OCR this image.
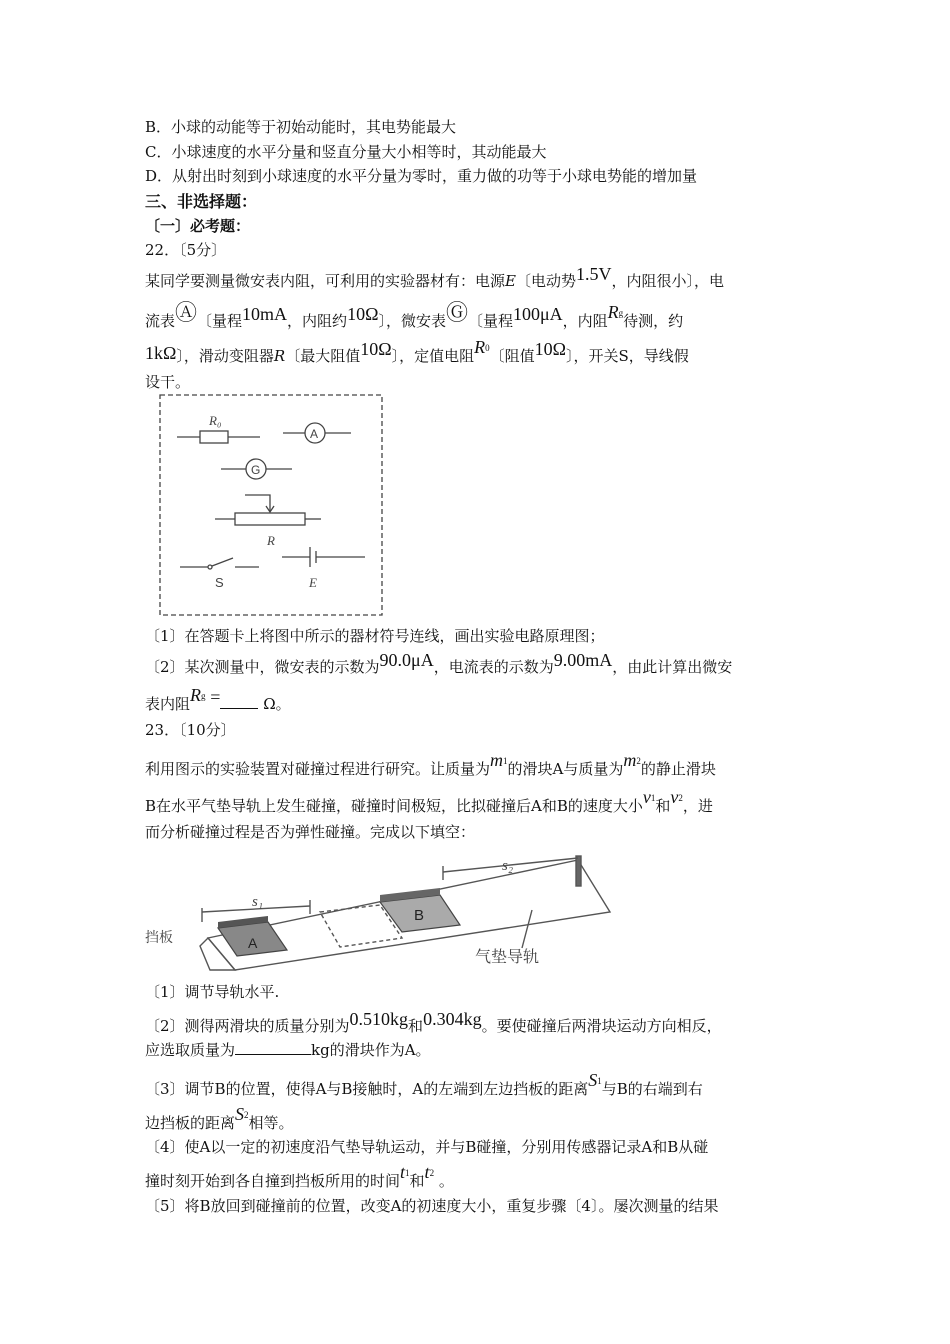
B．小球的动能等于初始动能时，其电势能最大
C．小球速度的水平分量和竖直分量大小相等时，其动能最大
D．从射出时刻到小球速度的水平分量为零时，重力做的功等于小球电势能的增加量
三、非选择题：
〔一〕必考题：
22．〔5分〕
某同学要测量微安表内阻，可利用的实验器材有：电源E〔电动势1.5V，内阻很小〕，电
流表Ⓐ〔量程10mA，内阻约10Ω〕，微安表Ⓖ〔量程100μA，内阻Rg待测，约
1kΩ〕，滑动变阻器R〔最大阻值10Ω〕，定值电阻R0〔阻值10Ω〕，开关S，导线假
设干。
R₀
A
G
R
S	E
〔1〕在答题卡上将图中所示的器材符号连线，画出实验电路原理图；
〔2〕某次测量中，微安表的示数为90.0μA，电流表的示数为9.00mA，由此计算出微安
表内阻Rg =	Ω。
23．〔10分〕
利用图示的实验装置对碰撞过程进行研究。让质量为m1的滑块A与质量为m2的静止滑块
B在水平气垫导轨上发生碰撞，碰撞时间极短，比拟碰撞后A和B的速度大小v1和v2，进
而分析碰撞过程是否为弹性碰撞。完成以下填空：
A
B
s₁
s₂
挡板
气垫导轨
〔1〕调节导轨水平.
〔2〕测得两滑块的质量分别为0.510kg和0.304kg。要使碰撞后两滑块运动方向相反，
应选取质量为	kg的滑块作为A。
〔3〕调节B的位置，使得A与B接触时，A的左端到左边挡板的距离S1与B的右端到右
边挡板的距离S2相等。
〔4〕使A以一定的初速度沿气垫导轨运动，并与B碰撞，分别用传感器记录A和B从碰
撞时刻开始到各自撞到挡板所用的时间t1和t2 。
〔5〕将B放回到碰撞前的位置，改变A的初速度大小，重复步骤〔4〕。屡次测量的结果
